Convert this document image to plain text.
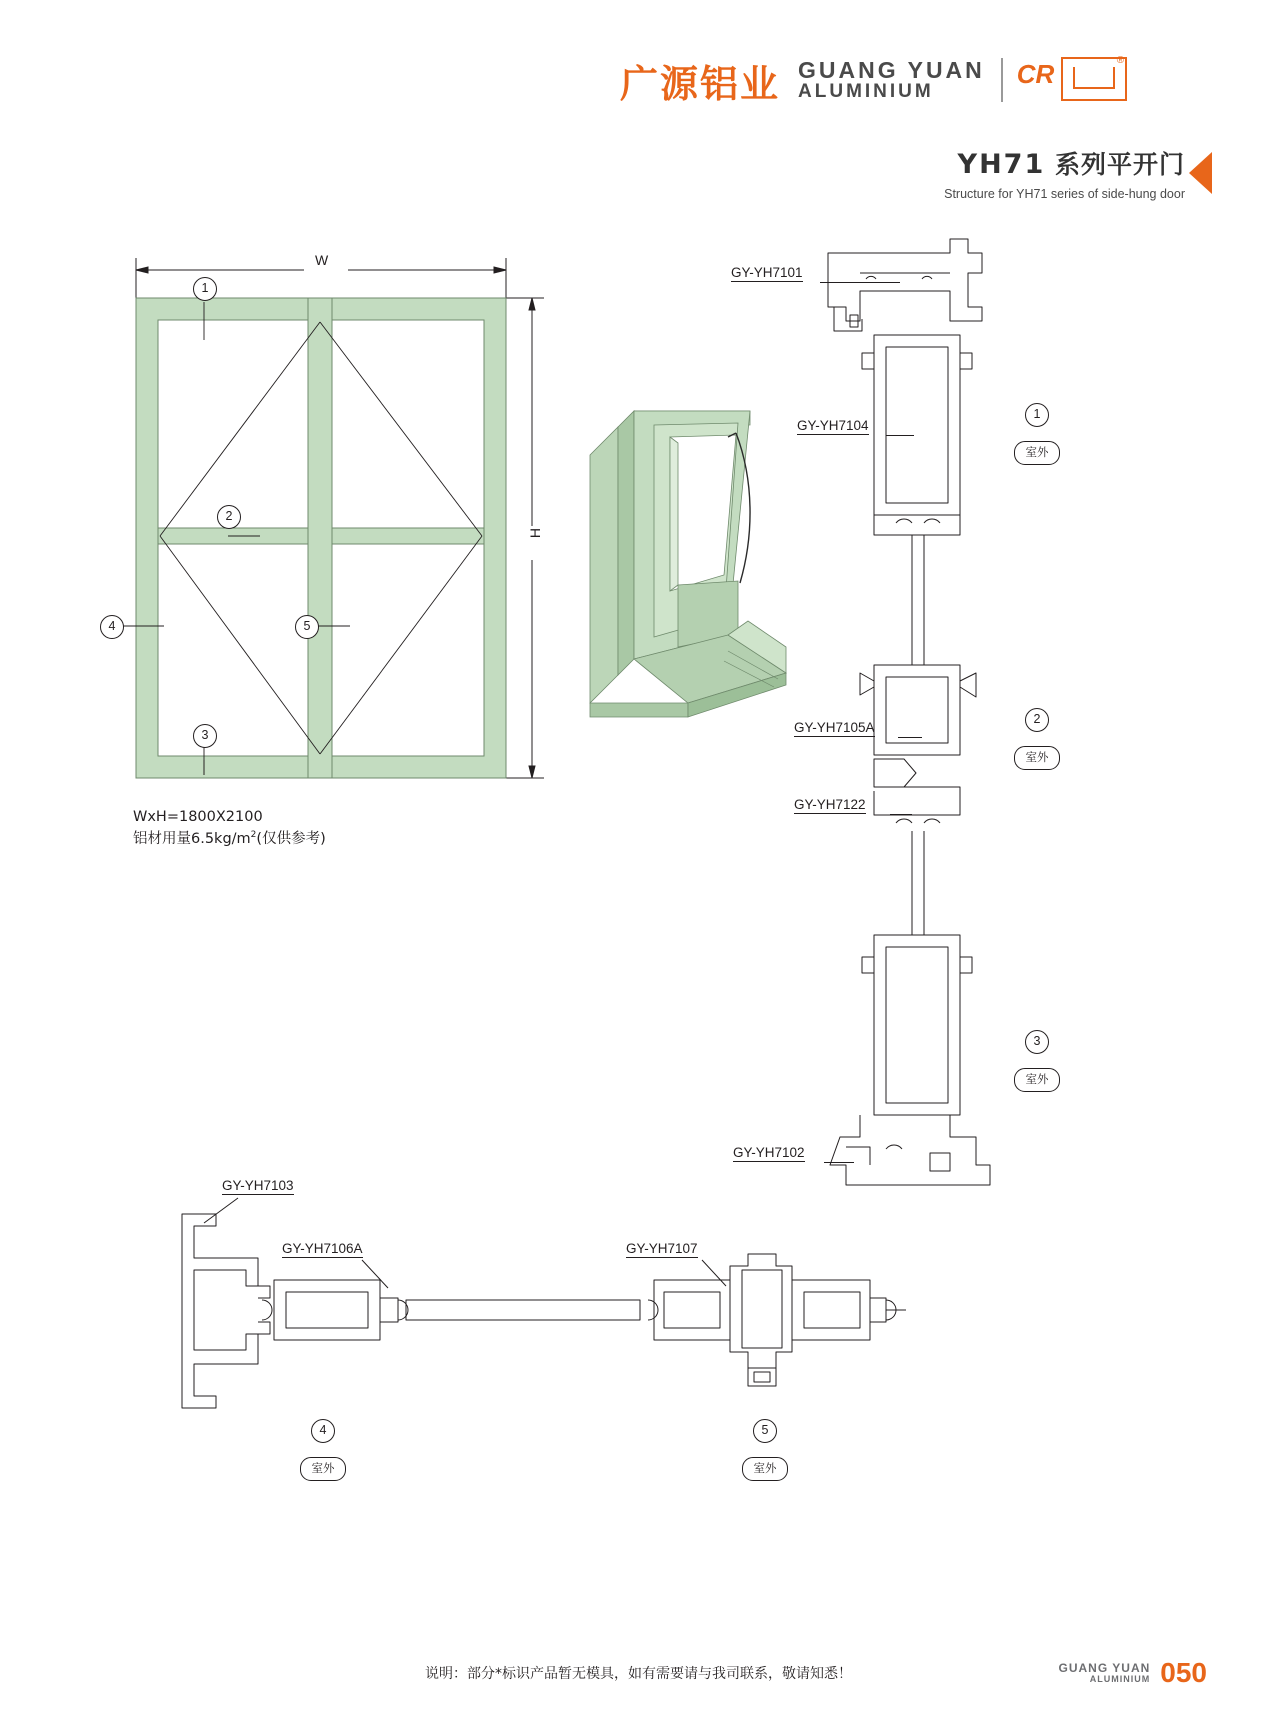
广源铝业 GUANG YUAN
ALUMINIUM
CR	®
YH71 系列平开门
Structure for YH71 series of side-hung door
W
H
1
2
3
4	5
WxH=1800X2100
铝材用量$6.5kg/m^2$(仅供参考)
GY-YH7101
GY-YH7104
GY-YH7105A
GY-YH7122
GY-YH7102
1
室外
2
室外
3
室外
GY-YH7103
GY-YH7106A	GY-YH7107
4
室外
5
室外
说明：部分*标识产品暂无模具，如有需要请与我司联系，敬请知悉！	GUANG YUAN
ALUMINIUM 050
